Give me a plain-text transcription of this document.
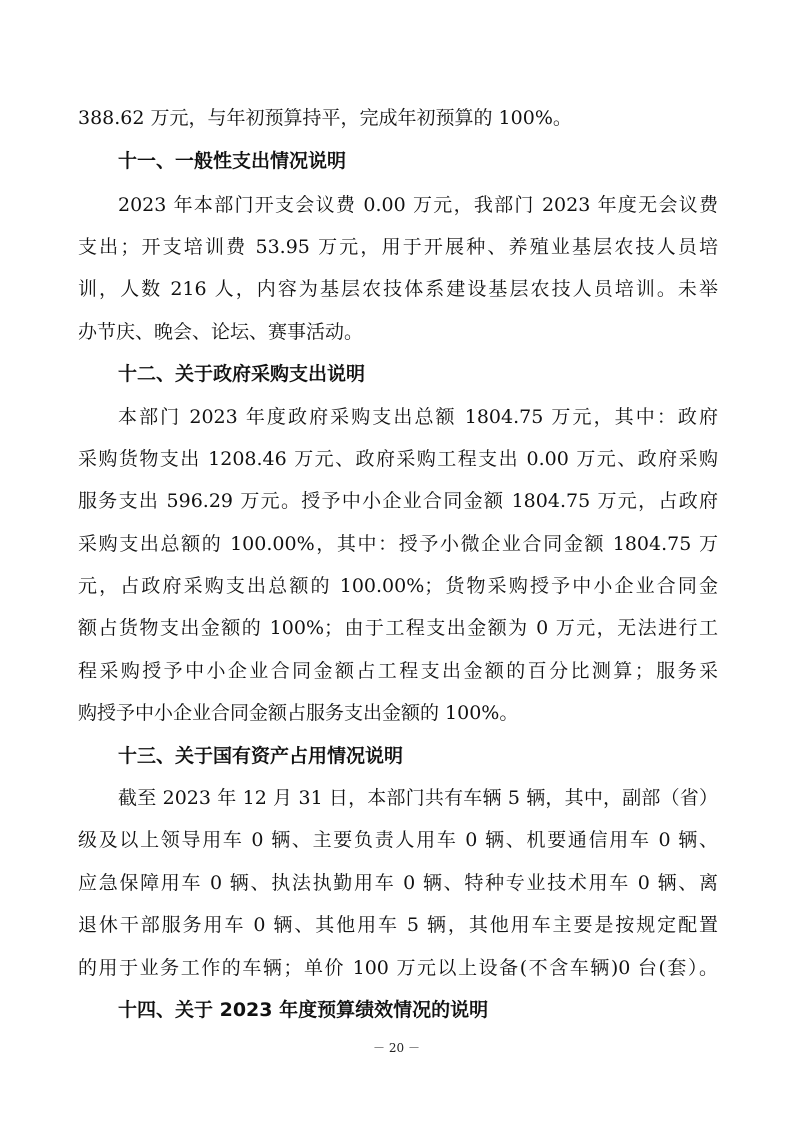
388.62 万元，与年初预算持平，完成年初预算的 100%。
十一、一般性支出情况说明
2023 年本部门开支会议费 0.00 万元，我部门 2023 年度无会议费
支出；开支培训费 53.95 万元，用于开展种、养殖业基层农技人员培
训，人数 216 人，内容为基层农技体系建设基层农技人员培训。未举
办节庆、晚会、论坛、赛事活动。
十二、关于政府采购支出说明
本部门 2023 年度政府采购支出总额 1804.75 万元，其中：政府
采购货物支出 1208.46 万元、政府采购工程支出 0.00 万元、政府采购
服务支出 596.29 万元。授予中小企业合同金额 1804.75 万元，占政府
采购支出总额的 100.00%，其中：授予小微企业合同金额 1804.75 万
元，占政府采购支出总额的 100.00%；货物采购授予中小企业合同金
额占货物支出金额的 100%；由于工程支出金额为 0 万元，无法进行工
程采购授予中小企业合同金额占工程支出金额的百分比测算；服务采
购授予中小企业合同金额占服务支出金额的 100%。
十三、关于国有资产占用情况说明
截至 2023 年 12 月 31 日，本部门共有车辆 5 辆，其中，副部（省）
级及以上领导用车 0 辆、主要负责人用车 0 辆、机要通信用车 0 辆、
应急保障用车 0 辆、执法执勤用车 0 辆、特种专业技术用车 0 辆、离
退休干部服务用车 0 辆、其他用车 5 辆，其他用车主要是按规定配置
的用于业务工作的车辆；单价 100 万元以上设备(不含车辆)0 台(套）。
十四、关于 2023 年度预算绩效情况的说明
－ 20 －
